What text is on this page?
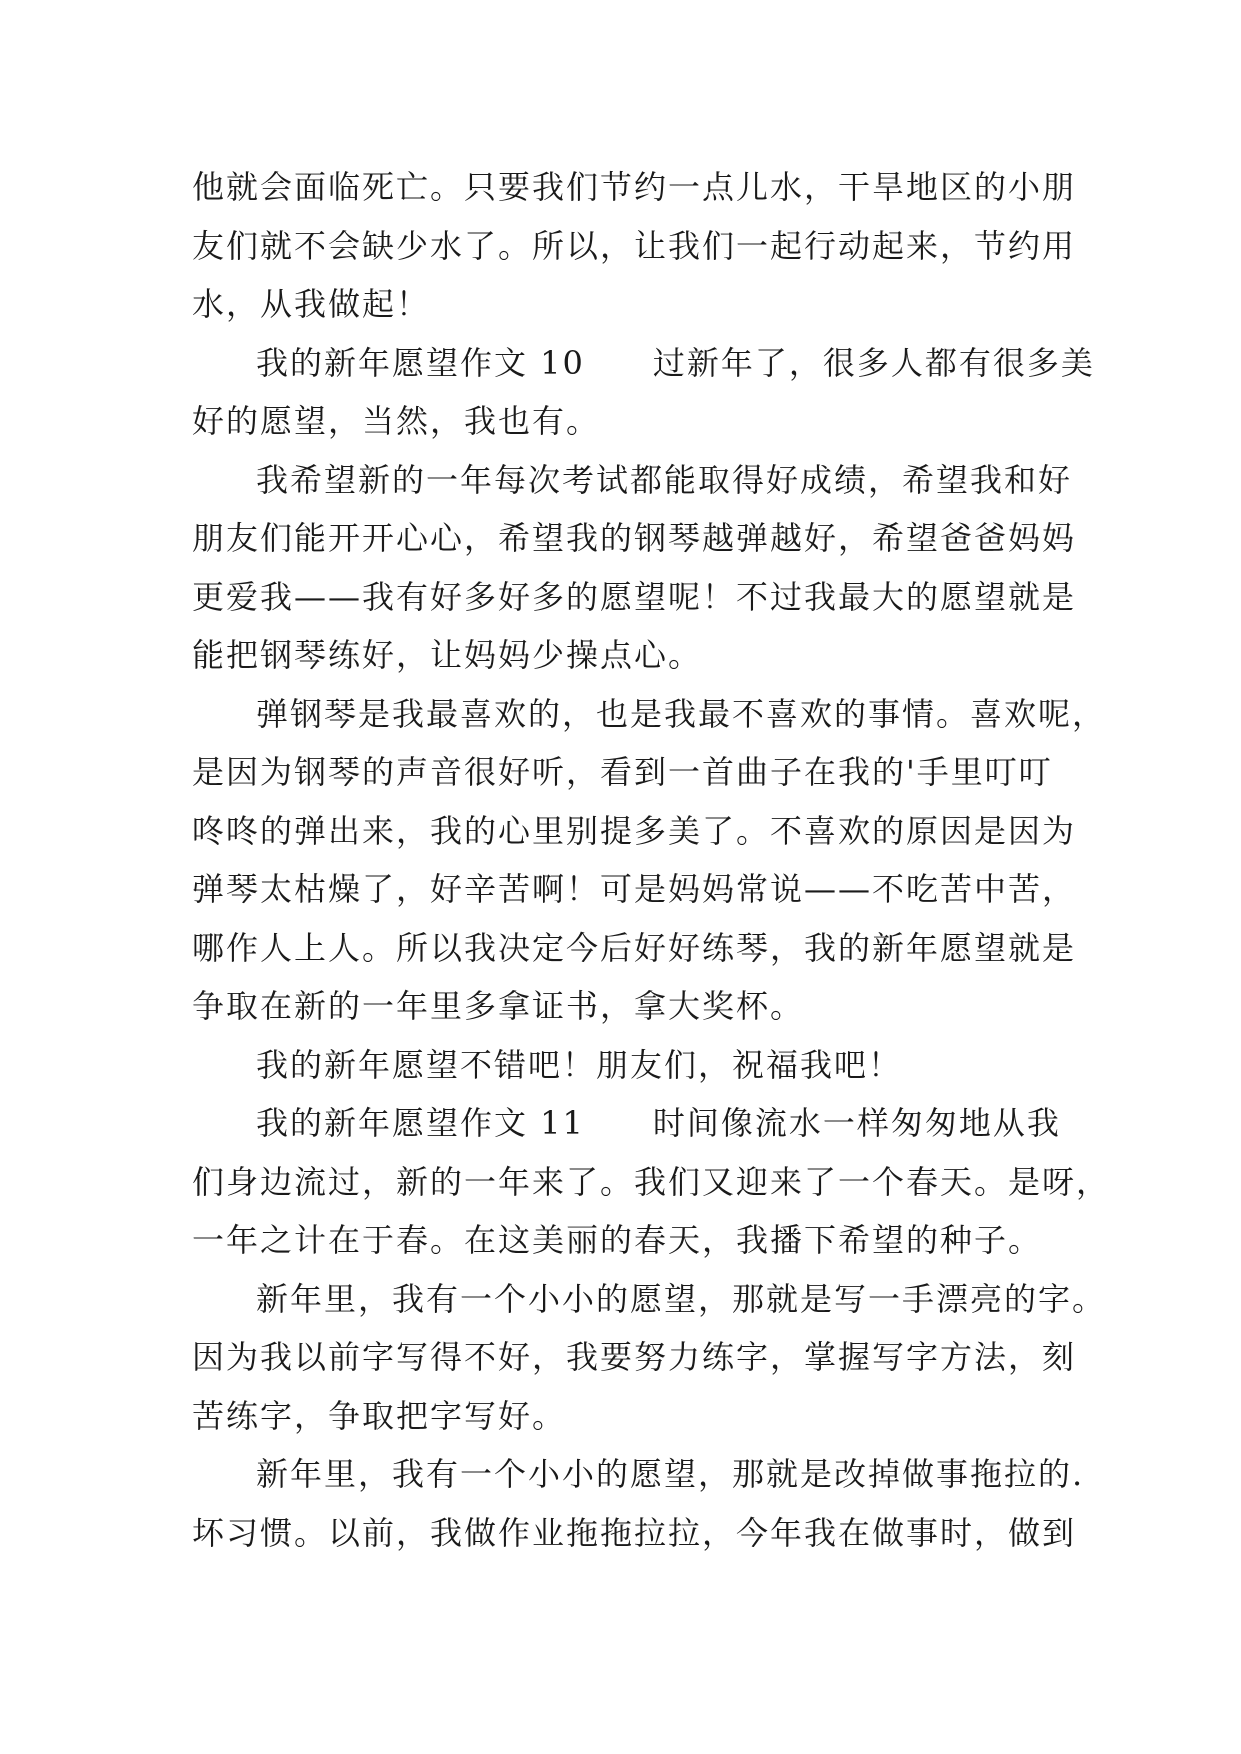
他就会面临死亡。只要我们节约一点儿水，干旱地区的小朋
友们就不会缺少水了。所以，让我们一起行动起来，节约用
水，从我做起！
我的新年愿望作文 10　　过新年了，很多人都有很多美
好的愿望，当然，我也有。
我希望新的一年每次考试都能取得好成绩，希望我和好
朋友们能开开心心，希望我的钢琴越弹越好，希望爸爸妈妈
更爱我——我有好多好多的愿望呢！不过我最大的愿望就是
能把钢琴练好，让妈妈少操点心。
弹钢琴是我最喜欢的，也是我最不喜欢的事情。喜欢呢，
是因为钢琴的声音很好听，看到一首曲子在我的'手里叮叮
咚咚的弹出来，我的心里别提多美了。不喜欢的原因是因为
弹琴太枯燥了，好辛苦啊！可是妈妈常说——不吃苦中苦，
哪作人上人。所以我决定今后好好练琴，我的新年愿望就是
争取在新的一年里多拿证书，拿大奖杯。
我的新年愿望不错吧！朋友们，祝福我吧！
我的新年愿望作文 11　　时间像流水一样匆匆地从我
们身边流过，新的一年来了。我们又迎来了一个春天。是呀，
一年之计在于春。在这美丽的春天，我播下希望的种子。
新年里，我有一个小小的愿望，那就是写一手漂亮的字。
因为我以前字写得不好，我要努力练字，掌握写字方法，刻
苦练字，争取把字写好。
新年里，我有一个小小的愿望，那就是改掉做事拖拉的.
坏习惯。以前，我做作业拖拖拉拉，今年我在做事时，做到
